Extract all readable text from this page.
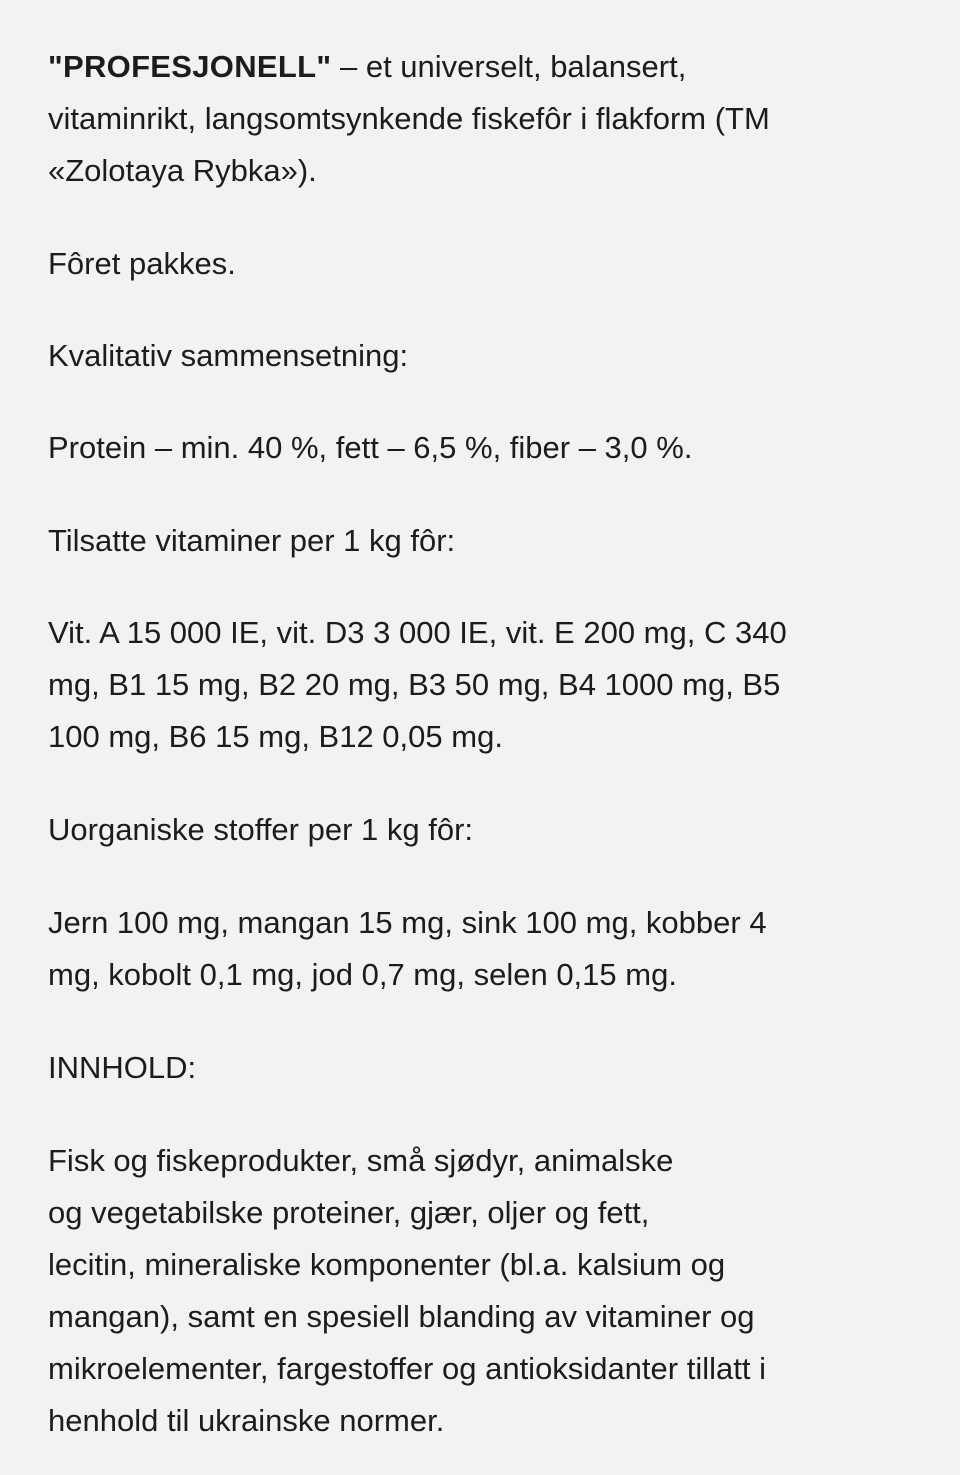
"PROFESJONELL" – et universelt, balansert,
vitaminrikt, langsomtsynkende fiskefôr i flakform (TM
«Zolotaya Rybka»).

Fôret pakkes.

Kvalitativ sammensetning:

Protein – min. 40 %, fett – 6,5 %, fiber – 3,0 %.

Tilsatte vitaminer per 1 kg fôr:

Vit. A 15 000 IE, vit. D3 3 000 IE, vit. E 200 mg, C 340
mg, B1 15 mg, B2 20 mg, B3 50 mg, B4 1000 mg, B5
100 mg, B6 15 mg, B12 0,05 mg.

Uorganiske stoffer per 1 kg fôr:

Jern 100 mg, mangan 15 mg, sink 100 mg, kobber 4
mg, kobolt 0,1 mg, jod 0,7 mg, selen 0,15 mg.

INNHOLD:

Fisk og fiskeprodukter, små sjødyr, animalske
og vegetabilske proteiner, gjær, oljer og fett,
lecitin, mineraliske komponenter (bl.a. kalsium og
mangan), samt en spesiell blanding av vitaminer og
mikroelementer, fargestoffer og antioksidanter tillatt i
henhold til ukrainske normer.
